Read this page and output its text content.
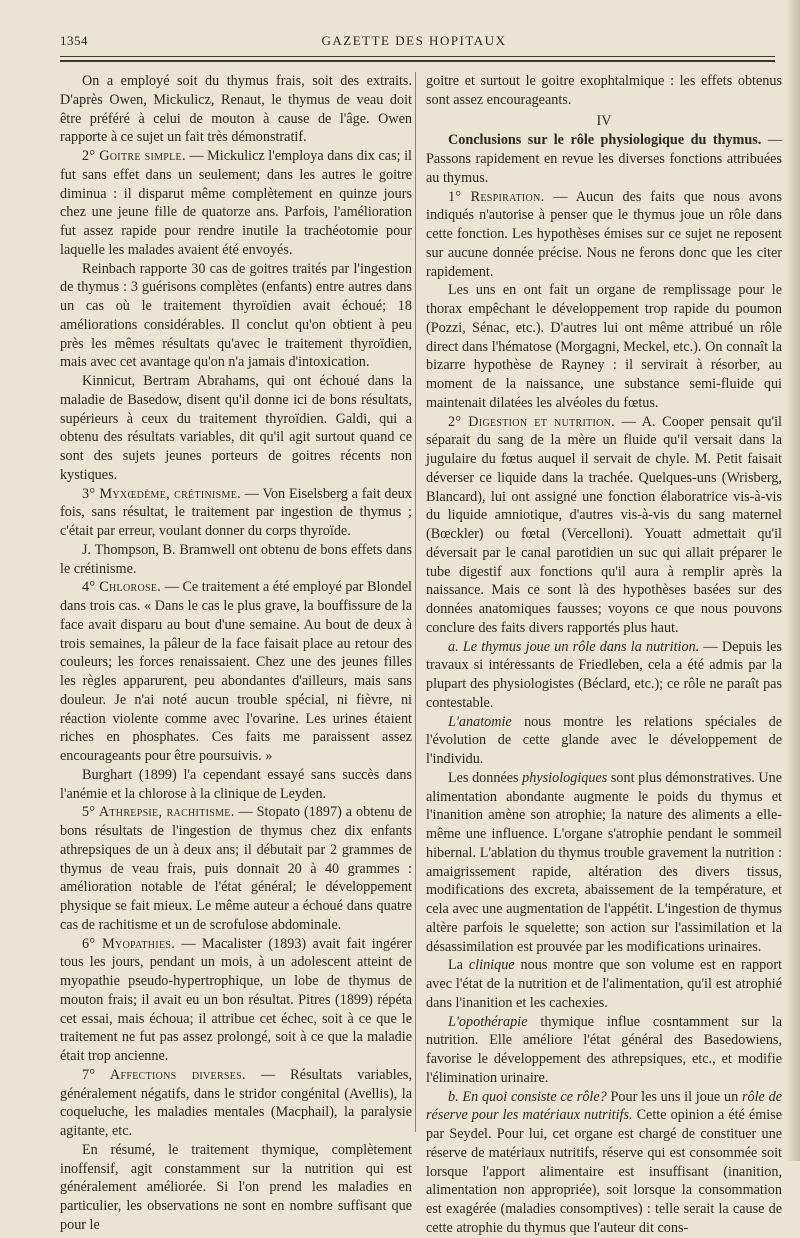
1354	GAZETTE DES HOPITAUX

On a employé soit du thymus frais, soit des extraits. D'après Owen, Mickulicz, Renaut, le thymus de veau doit être préféré à celui de mouton à cause de l'âge. Owen rapporte à ce sujet un fait très démonstratif.

2° Goitre simple. — Mickulicz l'employa dans dix cas; il fut sans effet dans un seulement; dans les autres le goitre diminua : il disparut même complètement en quinze jours chez une jeune fille de quatorze ans. Parfois, l'amélioration fut assez rapide pour rendre inutile la trachéotomie pour laquelle les malades avaient été envoyés.

Reinbach rapporte 30 cas de goitres traités par l'ingestion de thymus : 3 guérisons complètes (enfants) entre autres dans un cas où le traitement thyroïdien avait échoué; 18 améliorations considérables. Il conclut qu'on obtient à peu près les mêmes résultats qu'avec le traitement thyroïdien, mais avec cet avantage qu'on n'a jamais d'intoxication.

Kinnicut, Bertram Abrahams, qui ont échoué dans la maladie de Basedow, disent qu'il donne ici de bons résultats, supérieurs à ceux du traitement thyroïdien. Galdi, qui a obtenu des résultats variables, dit qu'il agit surtout quand ce sont des sujets jeunes porteurs de goitres récents non kystiques.

3° Myxœdème, crétinisme. — Von Eiselsberg a fait deux fois, sans résultat, le traitement par ingestion de thymus ; c'était par erreur, voulant donner du corps thyroïde.

J. Thompson, B. Bramwell ont obtenu de bons effets dans le crétinisme.

4° Chlorose. — Ce traitement a été employé par Blondel dans trois cas. « Dans le cas le plus grave, la bouffissure de la face avait disparu au bout d'une semaine. Au bout de deux à trois semaines, la pâleur de la face faisait place au retour des couleurs; les forces renaissaient. Chez une des jeunes filles les règles apparurent, peu abondantes d'ailleurs, mais sans douleur. Je n'ai noté aucun trouble spécial, ni fièvre, ni réaction violente comme avec l'ovarine. Les urines étaient riches en phosphates. Ces faits me paraissent assez encourageants pour être poursuivis. »

Burghart (1899) l'a cependant essayé sans succès dans l'anémie et la chlorose à la clinique de Leyden.

5° Athrepsie, rachitisme. — Stopato (1897) a obtenu de bons résultats de l'ingestion de thymus chez dix enfants athrepsiques de un à deux ans; il débutait par 2 grammes de thymus de veau frais, puis donnait 20 à 40 grammes : amélioration notable de l'état général; le développement physique se fait mieux. Le même auteur a échoué dans quatre cas de rachitisme et un de scrofulose abdominale.

6° Myopathies. — Macalister (1893) avait fait ingérer tous les jours, pendant un mois, à un adolescent atteint de myopathie pseudo-hypertrophique, un lobe de thymus de mouton frais; il avait eu un bon résultat. Pitres (1899) répéta cet essai, mais échoua; il attribue cet échec, soit à ce que le traitement ne fut pas assez prolongé, soit à ce que la maladie était trop ancienne.

7° Affections diverses. — Résultats variables, généralement négatifs, dans le stridor congénital (Avellis), la coqueluche, les maladies mentales (Macphail), la paralysie agitante, etc.

En résumé, le traitement thymique, complètement inoffensif, agit constamment sur la nutrition qui est généralement améliorée. Si l'on prend les maladies en particulier, les observations ne sont en nombre suffisant que pour le

goitre et surtout le goitre exophtalmique : les effets obtenus sont assez encourageants.

IV

Conclusions sur le rôle physiologique du thymus. — Passons rapidement en revue les diverses fonctions attribuées au thymus.

1° Respiration. — Aucun des faits que nous avons indiqués n'autorise à penser que le thymus joue un rôle dans cette fonction. Les hypothèses émises sur ce sujet ne reposent sur aucune donnée précise. Nous ne ferons donc que les citer rapidement.

Les uns en ont fait un organe de remplissage pour le thorax empêchant le développement trop rapide du poumon (Pozzi, Sénac, etc.). D'autres lui ont même attribué un rôle direct dans l'hématose (Morgagni, Meckel, etc.). On connaît la bizarre hypothèse de Rayney : il servirait à résorber, au moment de la naissance, une substance semi-fluide qui maintenait dilatées les alvéoles du fœtus.

2° Digestion et nutrition. — A. Cooper pensait qu'il séparait du sang de la mère un fluide qu'il versait dans la jugulaire du fœtus auquel il servait de chyle. M. Petit faisait déverser ce liquide dans la trachée. Quelques-uns (Wrisberg, Blancard), lui ont assigné une fonction élaboratrice vis-à-vis du liquide amniotique, d'autres vis-à-vis du sang maternel (Bœckler) ou fœtal (Vercelloni). Youatt admettait qu'il déversait par le canal parotidien un suc qui allait préparer le tube digestif aux fonctions qu'il aura à remplir après la naissance. Mais ce sont là des hypothèses basées sur des données anatomiques fausses; voyons ce que nous pouvons conclure des faits divers rapportés plus haut.

a. Le thymus joue un rôle dans la nutrition. — Depuis les travaux si intéressants de Friedleben, cela a été admis par la plupart des physiologistes (Béclard, etc.); ce rôle ne paraît pas contestable.

L'anatomie nous montre les relations spéciales de l'évolution de cette glande avec le développement de l'individu.

Les données physiologiques sont plus démonstratives. Une alimentation abondante augmente le poids du thymus et l'inanition amène son atrophie; la nature des aliments a elle-même une influence. L'organe s'atrophie pendant le sommeil hibernal. L'ablation du thymus trouble gravement la nutrition : amaigrissement rapide, altération des divers tissus, modifications des excreta, abaissement de la température, et cela avec une augmentation de l'appétit. L'ingestion de thymus altère parfois le squelette; son action sur l'assimilation et la désassimilation est prouvée par les modifications urinaires.

La clinique nous montre que son volume est en rapport avec l'état de la nutrition et de l'alimentation, qu'il est atrophié dans l'inanition et les cachexies.

L'opothérapie thymique influe cosntamment sur la nutrition. Elle améliore l'état général des Basedowiens, favorise le développement des athrepsiques, etc., et modifie l'élimination urinaire.

b. En quoi consiste ce rôle? Pour les uns il joue un rôle de réserve pour les matériaux nutritifs. Cette opinion a été émise par Seydel. Pour lui, cet organe est chargé de constituer une réserve de matériaux nutritifs, réserve qui est consommée soit lorsque l'apport alimentaire est insuffisant (inanition, alimentation non appropriée), soit lorsque la consommation est exagérée (maladies consomptives) : telle serait la cause de cette atrophie du thymus que l'auteur dit cons-
